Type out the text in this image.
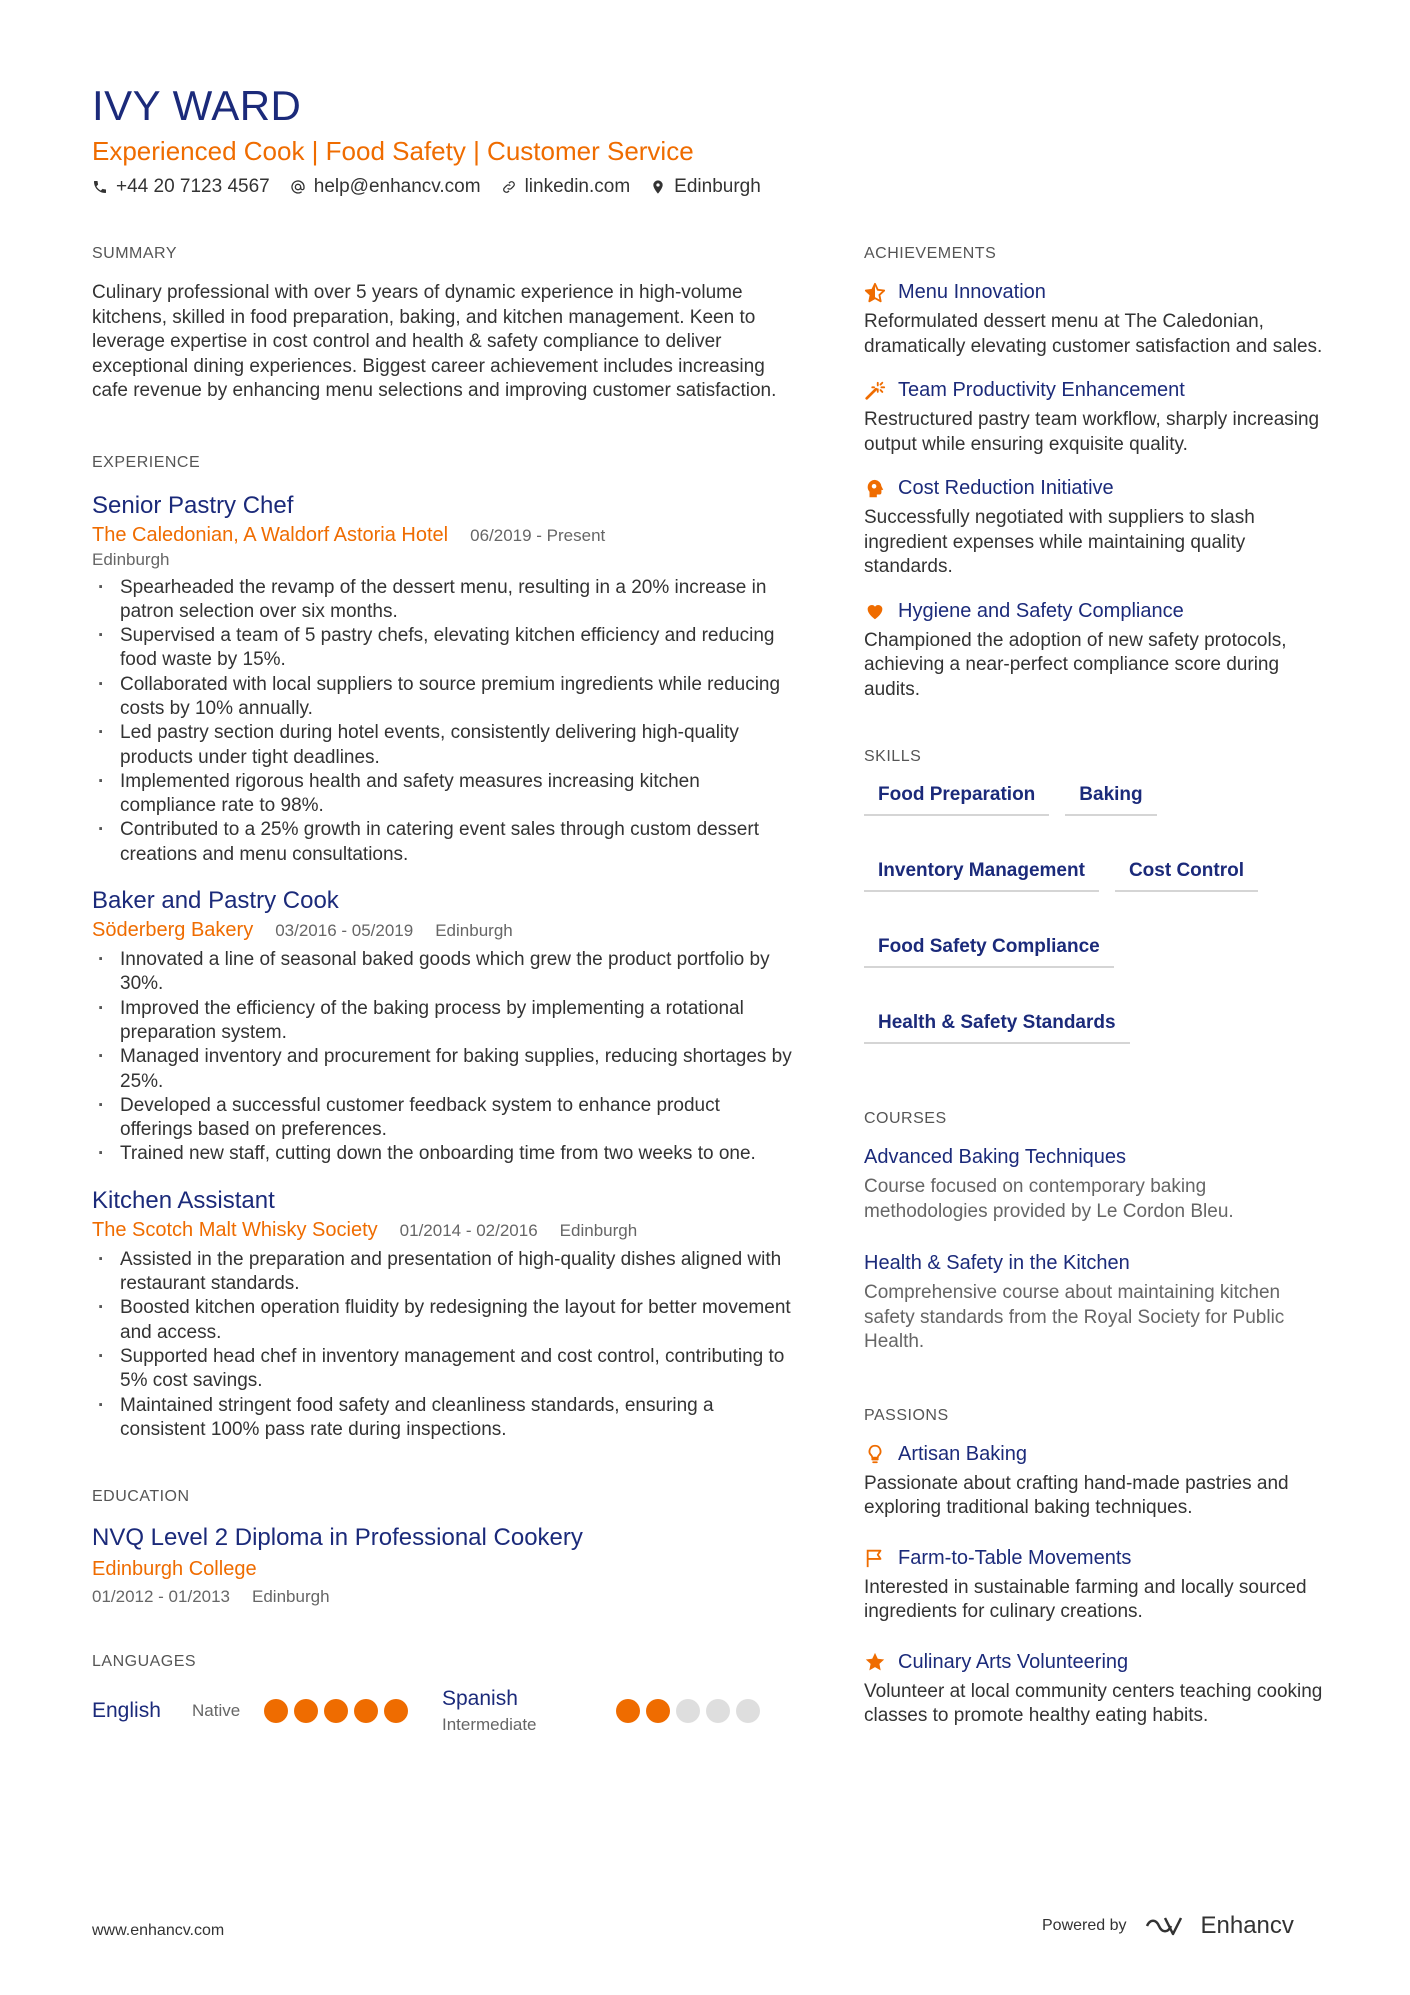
IVY WARD
Experienced Cook | Food Safety | Customer Service
+44 20 7123 4567 help@enhancv.com linkedin.com Edinburgh
SUMMARY
Culinary professional with over 5 years of dynamic experience in high-volume kitchens, skilled in food preparation, baking, and kitchen management. Keen to leverage expertise in cost control and health & safety compliance to deliver exceptional dining experiences. Biggest career achievement includes increasing cafe revenue by enhancing menu selections and improving customer satisfaction.
EXPERIENCE
Senior Pastry Chef
The Caledonian, A Waldorf Astoria Hotel 06/2019 - Present
Edinburgh
· Spearheaded the revamp of the dessert menu, resulting in a 20% increase in patron selection over six months.
· Supervised a team of 5 pastry chefs, elevating kitchen efficiency and reducing food waste by 15%.
· Collaborated with local suppliers to source premium ingredients while reducing costs by 10% annually.
· Led pastry section during hotel events, consistently delivering high-quality products under tight deadlines.
· Implemented rigorous health and safety measures increasing kitchen compliance rate to 98%.
· Contributed to a 25% growth in catering event sales through custom dessert creations and menu consultations.
Baker and Pastry Cook
Söderberg Bakery 03/2016 - 05/2019 Edinburgh
· Innovated a line of seasonal baked goods which grew the product portfolio by 30%.
· Improved the efficiency of the baking process by implementing a rotational preparation system.
· Managed inventory and procurement for baking supplies, reducing shortages by 25%.
· Developed a successful customer feedback system to enhance product offerings based on preferences.
· Trained new staff, cutting down the onboarding time from two weeks to one.
Kitchen Assistant
The Scotch Malt Whisky Society 01/2014 - 02/2016 Edinburgh
· Assisted in the preparation and presentation of high-quality dishes aligned with restaurant standards.
· Boosted kitchen operation fluidity by redesigning the layout for better movement and access.
· Supported head chef in inventory management and cost control, contributing to 5% cost savings.
· Maintained stringent food safety and cleanliness standards, ensuring a consistent 100% pass rate during inspections.
EDUCATION
NVQ Level 2 Diploma in Professional Cookery
Edinburgh College
01/2012 - 01/2013 Edinburgh
LANGUAGES
English	Native
Spanish
Intermediate
ACHIEVEMENTS
Menu Innovation
Reformulated dessert menu at The Caledonian, dramatically elevating customer satisfaction and sales.
Team Productivity Enhancement
Restructured pastry team workflow, sharply increasing output while ensuring exquisite quality.
Cost Reduction Initiative
Successfully negotiated with suppliers to slash ingredient expenses while maintaining quality standards.
Hygiene and Safety Compliance
Championed the adoption of new safety protocols, achieving a near-perfect compliance score during audits.
SKILLS
Food Preparation	Baking
Inventory Management	Cost Control
Food Safety Compliance
Health & Safety Standards
COURSES
Advanced Baking Techniques
Course focused on contemporary baking methodologies provided by Le Cordon Bleu.
Health & Safety in the Kitchen
Comprehensive course about maintaining kitchen safety standards from the Royal Society for Public Health.
PASSIONS
Artisan Baking
Passionate about crafting hand-made pastries and exploring traditional baking techniques.
Farm-to-Table Movements
Interested in sustainable farming and locally sourced ingredients for culinary creations.
Culinary Arts Volunteering
Volunteer at local community centers teaching cooking classes to promote healthy eating habits.
www.enhancv.com	Powered by	Enhancv
